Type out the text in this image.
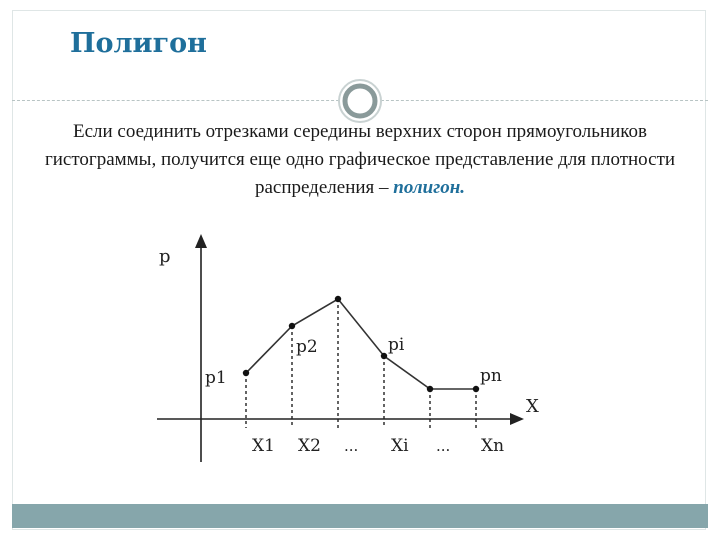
Полигон
Если соединить отрезками середины верхних сторон прямоугольников гистограммы, получится еще одно графическое представление для плотности распределения – полигон.
p
X
p1
p2	pi
pn
X1 X2 ... Xi ... Xn
